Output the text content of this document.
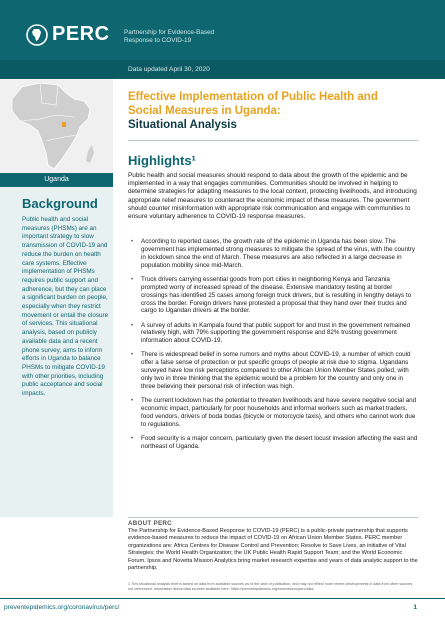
PERC Partnership for Evidence-Based Response to COVID-19
Data updated April 30, 2020
Uganda
Background
Public health and social measures (PHSMs) are an important strategy to slow transmission of COVID-19 and reduce the burden on health care systems. Effective implementation of PHSMs requires public support and adherence, but they can place a significant burden on people, especially when they restrict movement or entail the closure of services. This situational analysis, based on publicly available data and a recent phone survey, aims to inform efforts in Uganda to balance PHSMs to mitigate COVID-19 with other priorities, including public acceptance and social impacts.
Effective Implementation of Public Health and Social Measures in Uganda:
Situational Analysis
Highlights¹
Public health and social measures should respond to data about the growth of the epidemic and be implemented in a way that engages communities. Communities should be involved in helping to determine strategies for adapting measures to the local context, protecting livelihoods, and introducing appropriate relief measures to counteract the economic impact of these measures. The government should counter misinformation with appropriate risk communication and engage with communities to ensure voluntary adherence to COVID-19 response measures.
• According to reported cases, the growth rate of the epidemic in Uganda has been slow. The government has implemented strong measures to mitigate the spread of the virus, with the country in lockdown since the end of March. These measures are also reflected in a large decrease in population mobility since mid-March.
• Truck drivers carrying essential goods from port cities in neighboring Kenya and Tanzania prompted worry of increased spread of the disease. Extensive mandatory testing at border crossings has identified 25 cases among foreign truck drivers, but is resulting in lengthy delays to cross the border. Foreign drivers have protested a proposal that they hand over their trucks and cargo to Ugandan drivers at the border.
• A survey of adults in Kampala found that public support for and trust in the government remained relatively high, with 79% supporting the government response and 82% trusting government information about COVID-19.
• There is widespread belief in some rumors and myths about COVID-19, a number of which could offer a false sense of protection or put specific groups of people at risk due to stigma. Ugandans surveyed have low risk perceptions compared to other African Union Member States polled, with only two in three thinking that the epidemic would be a problem for the country and only one in three believing their personal risk of infection was high.
• The current lockdown has the potential to threaten livelihoods and have severe negative social and economic impact, particularly for poor households and informal workers such as market traders, food vendors, drivers of boda bodas (bicycle or motorcycle taxis), and others who cannot work due to regulations.
• Food security is a major concern, particularly given the desert locust invasion affecting the east and northeast of Uganda.
ABOUT PERC
The Partnership for Evidence-Based Response to COVID-19 (PERC) is a public-private partnership that supports evidence-based measures to reduce the impact of COVID-19 on African Union Member States. PERC member organizations are: Africa Centres for Disease Control and Prevention; Resolve to Save Lives, an initiative of Vital Strategies; the World Health Organization; the UK Public Health Rapid Support Team; and the World Economic Forum. Ipsos and Novetta Mission Analytics bring market research expertise and years of data analytic support to the partnership.
1 This situational analysis brief is based on data from available sources as of the date of publication, and may not reflect more recent developments in data from other sources not referenced. Information about data sources available here: https://preventepidemics.org/coronavirus/perc/data
preventepidemics.org/coronavirus/perc/	1
